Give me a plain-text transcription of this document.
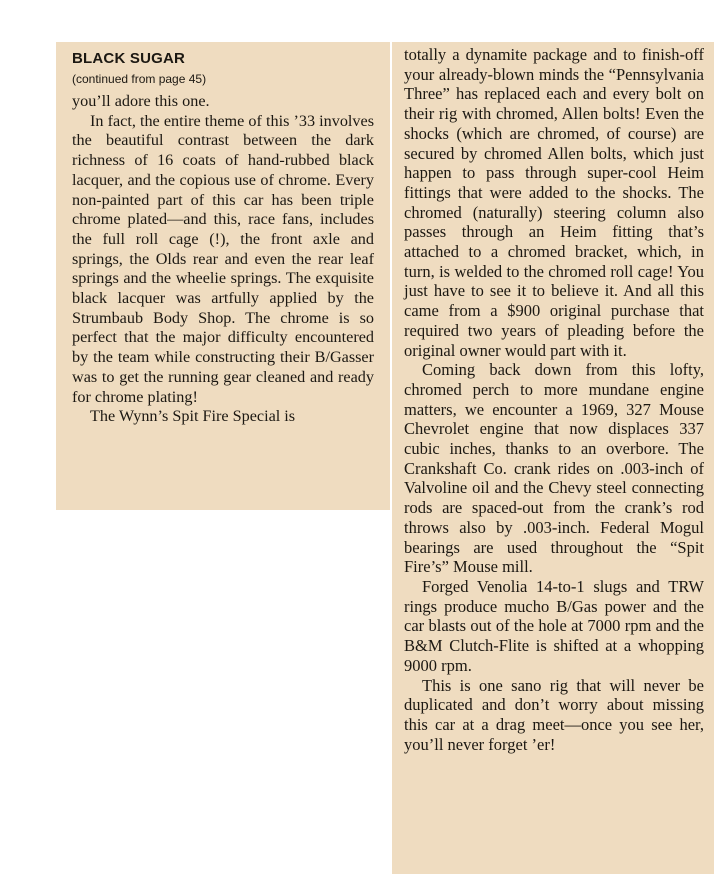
BLACK SUGAR
(continued from page 45)

you’ll adore this one.

In fact, the entire theme of this ’33 involves the beautiful contrast between the dark richness of 16 coats of hand-rubbed black lacquer, and the copious use of chrome. Every non-painted part of this car has been triple chrome plated—and this, race fans, includes the full roll cage (!), the front axle and springs, the Olds rear and even the rear leaf springs and the wheelie springs. The exquisite black lacquer was artfully applied by the Strumbaub Body Shop. The chrome is so perfect that the major difficulty encountered by the team while constructing their B/Gasser was to get the running gear cleaned and ready for chrome plating!

The Wynn’s Spit Fire Special is

totally a dynamite package and to finish-off your already-blown minds the “Pennsylvania Three” has replaced each and every bolt on their rig with chromed, Allen bolts! Even the shocks (which are chromed, of course) are secured by chromed Allen bolts, which just happen to pass through super-cool Heim fittings that were added to the shocks. The chromed (naturally) steering column also passes through an Heim fitting that’s attached to a chromed bracket, which, in turn, is welded to the chromed roll cage! You just have to see it to believe it. And all this came from a $900 original purchase that required two years of pleading before the original owner would part with it.

Coming back down from this lofty, chromed perch to more mundane engine matters, we encounter a 1969, 327 Mouse Chevrolet engine that now displaces 337 cubic inches, thanks to an overbore. The Crankshaft Co. crank rides on .003-inch of Valvoline oil and the Chevy steel connecting rods are spaced-out from the crank’s rod throws also by .003-inch. Federal Mogul bearings are used throughout the “Spit Fire’s” Mouse mill.

Forged Venolia 14-to-1 slugs and TRW rings produce mucho B/Gas power and the car blasts out of the hole at 7000 rpm and the B&M Clutch-Flite is shifted at a whopping 9000 rpm.

This is one sano rig that will never be duplicated and don’t worry about missing this car at a drag meet—once you see her, you’ll never forget ’er!
